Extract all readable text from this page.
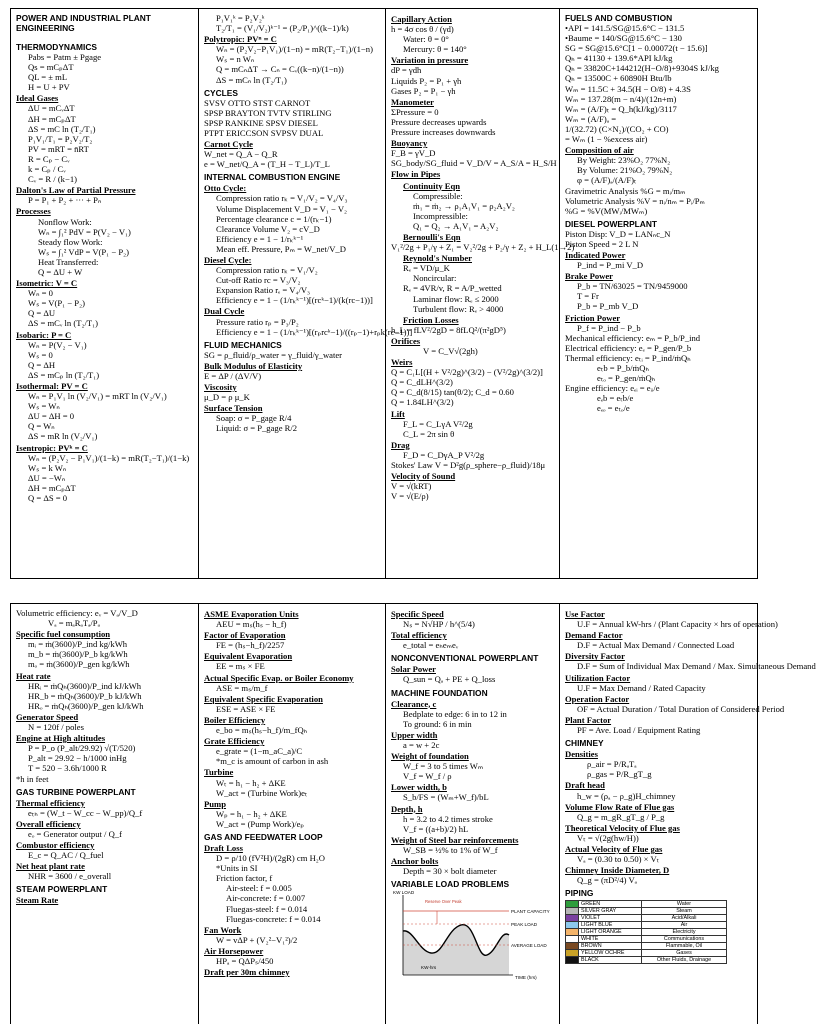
POWER AND INDUSTRIAL PLANT ENGINEERING
THERMODYNAMICS
Pabs = Patm ± Pgage
Qs = mCₚΔT
QL = ± mL
H = U + PV
Ideal Gases
ΔU = mCᵥΔT
ΔH = mCₚΔT
ΔS = mC ln (T₂/T₁)
P₁V₁/T₁ = P₂V₂/T₂
PV = mRT = n̄RT
R = Cₚ − Cᵥ
k = Cₚ / Cᵥ
Cᵥ = R / (k−1)
Dalton's Law of Partial Pressure
P = P₁ + P₂ + ··· + Pₙ
Processes
Nonflow Work:
Wₙ = ∫₁² PdV = P(V₂ − V₁)
Steady flow Work:
Wₛ = ∫₁² VdP = V(P₁ − P₂)
Heat Transferred:
Q = ΔU + W
Isometric: V = C
Wₙ = 0
Wₛ = V(P₁ − P₂)
Q = ΔU
ΔS = mCᵥ ln (T₂/T₁)
Isobaric: P = C
Wₙ = P(V₂ − V₁)
Wₛ = 0
Q = ΔH
ΔS = mCₚ ln (T₂/T₁)
Isothermal: PV = C
Wₙ = P₁V₁ ln (V₂/V₁) = mRT ln (V₂/V₁)
Wₛ = Wₙ
ΔU = ΔH = 0
Q = Wₙ
ΔS = mR ln (V₂/V₁)
Isentropic: PVᵏ = C
Wₙ = (P₂V₂ − P₁V₁)/(1−k) = mR(T₂−T₁)/(1−k)
Wₛ = k Wₙ
ΔU = −Wₙ
ΔH = mCₚΔT
Q = ΔS = 0
P₁V₁ᵏ = P₂V₂ᵏ
T₂/T₁ = (V₁/V₂)ᵏ⁻¹ = (P₂/P₁)^((k−1)/k)
Polytropic: PVⁿ = C
Wₙ = (P₂V₂−P₁V₁)/(1−n) = mR(T₂−T₁)/(1−n)
Wₛ = n Wₙ
Q = mCₙΔT → Cₙ = Cᵥ((k−n)/(1−n))
ΔS = mCₙ ln (T₂/T₁)
CYCLES
SVSV OTTO STST CARNOT
SPSP BRAYTON TVTV STIRLING
SPSP RANKINE SPSV DIESEL
PTPT ERICCSON SVPSV DUAL
Carnot Cycle
W_net = Q_A − Q_R
e = W_net/Q_A = (T_H − T_L)/T_L
INTERNAL COMBUSTION ENGINE
Otto Cycle:
Compression ratio rₖ = V₁/V₂ = V₄/V₃
Volume Displacement V_D = V₁ − V₂
Percentage clearance c = 1/(rₖ−1)
Clearance Volume V₂ = cV_D
Efficiency e = 1 − 1/rₖᵏ⁻¹
Mean eff. Pressure, Pₘ = W_net/V_D
Diesel Cycle:
Compression ratio rₖ = V₁/V₂
Cut-off Ratio rc = V₃/V₂
Expansion Ratio rₑ = V₄/V₃
Efficiency e = 1 − (1/rₖᵏ⁻¹)[(rcᵏ−1)/(k(rc−1))]
Dual Cycle
Pressure ratio rₚ = P₃/P₂
Efficiency e = 1 − (1/rₖᵏ⁻¹)[(rₚrcᵏ−1)/((rₚ−1)+rₚk(rc−1))]
FLUID MECHANICS
SG = ρ_fluid/ρ_water = γ_fluid/γ_water
Bulk Modulus of Elasticity
E = ΔP / (ΔV/V)
Viscosity
μ_D = ρ μ_K
Surface Tension
Soap: σ = P_gage R/4
Liquid: σ = P_gage R/2
Capillary Action
h = 4σ cos θ / (γd)
Water: θ = 0°
Mercury: θ = 140°
Variation in pressure
dP = γdh
Liquids P₂ = P₁ + γh
Gases P₂ = P₁ − γh
Manometer
ΣPressure = 0
Pressure decreases upwards
Pressure increases downwards
Buoyancy
F_B = γV_D
SG_body/SG_fluid = V_D/V = A_S/A = H_S/H
Flow in Pipes
Continuity Eqn
Compressible:
ṁ₁ = ṁ₂ → ρ₁A₁V₁ = ρ₂A₂V₂
Incompressible:
Q₁ = Q₂ → A₁V₁ = A₂V₂
Bernoulli's Eqn
V₁²/2g + P₁/γ + Z₁ = V₂²/2g + P₂/γ + Z₂ + H_L(1→2)
Reynold's Number
Rₑ = VD/μ_K
Noncircular:
Rₑ = 4VR/v, R = A/P_wetted
Laminar flow: Rₑ ≤ 2000
Turbulent flow: Rₑ > 4000
Friction Losses
h_L = fLV²/2gD = 8fLQ²/(π²gD⁵)
Orifices
V = C_V√(2gh)
Weirs
Q = C₁L[(H + V²/2g)^(3/2) − (V²/2g)^(3/2)]
Q = C_dLH^(3/2)
Q = C_d(8/15) tan(θ/2); C_d = 0.60
Q = 1.84LH^(3/2)
Lift
F_L = C_LγA V²/2g
C_L = 2π sin θ
Drag
F_D = C_DγA_P V²/2g
Stokes' Law V = D²g(ρ_sphere−ρ_fluid)/18μ
Velocity of Sound
V = √(kRT)
V = √(E/ρ)
FUELS AND COMBUSTION
•API = 141.5/SG@15.6°C − 131.5
•Baume = 140/SG@15.6°C − 130
SG = SG@15.6°C[1 − 0.00072(t − 15.6)]
Qₕ = 41130 + 139.6*API kJ/kg
Qₕ = 33820C+144212(H−O/8)+9304S kJ/kg
Qₕ = 13500C + 60890H Btu/lb
Wₘ = 11.5C + 34.5(H − O/8) + 4.3S
Wₘ = 137.28(m − n/4)/(12n+m)
Wₘ = (A/F)ₜ = Q_h(kJ/kg)/3117
Wₘ = (A/F)ₐ =
1/(32.72) (C×N₂)/(CO₂ + CO)
= Wₘ (1 − %excess air)
Composition of air
By Weight: 23%O₂ 77%N₂
By Volume: 21%O₂ 79%N₂
φ = (A/F)ₐ/(A/F)ₜ
Gravimetric Analysis %G = mᵢ/mₘ
Volumetric Analysis %V = nᵢ/nₘ = Pᵢ/Pₘ
%G = %V(MWᵢ/MWₘ)
DIESEL POWERPLANT
Piston Disp: V_D = LANₙc_N
Piston Speed = 2 L N
Indicated Power
P_ind = P_mi V_D
Brake Power
P_b = TN/63025 = TN/9459000
T = Fr
P_b = P_mb V_D
Friction Power
P_f = P_ind − P_b
Mechanical efficiency: eₘ = P_b/P_ind
Electrical efficiency: eₑ = P_gen/P_b
Thermal efficiency: eₜᵢ = P_ind/ṁQₕ
eₜb = P_b/ṁQₕ
eₜₒ = P_gen/ṁQₕ
Engine efficiency: eₑᵢ = eᵢᵢ/e
eₑb = eₜb/e
eₑₒ = eₜₒ/e
Volumetric efficiency: eᵥ = Vₐ/V_D
Vₐ = mₐRₐTₐ/Pₐ
Specific fuel consumption
mᵢ = ṁ(3600)/P_ind kg/kWh
m_b = ṁ(3600)/P_b kg/kWh
mₒ = ṁ(3600)/P_gen kg/kWh
Heat rate
HRᵢ = ṁQₕ(3600)/P_ind kJ/kWh
HR_b = ṁQₕ(3600)/P_b kJ/kWh
HRₒ = ṁQₕ(3600)/P_gen kJ/kWh
Generator Speed
N = 120f / poles
Engine at High altitudes
P = P_o (P_alt/29.92) √(T/520)
P_alt = 29.92 − h/1000 inHg
T = 520 − 3.6h/1000 R
*h in feet
GAS TURBINE POWERPLANT
Thermal efficiency
eₜₕ = (W_t − W_cc − W_pp)/Q_f
Overall efficiency
eₒ = Generator output / Q_f
Combustor efficiency
E_c = Q_AC / Q_fuel
Net heat plant rate
NHR = 3600 / e_overall
STEAM POWERPLANT
Steam Rate
ASME Evaporation Units
AEU = mₛ(hₛ − h_f)
Factor of Evaporation
FE = (hₛ−h_f)/2257
Equivalent Evaporation
EE = mₛ × FE
Actual Specific Evap. or Boiler Economy
ASE = mₛ/m_f
Equivalent Specific Evaporation
ESE = ASE × FE
Boiler Efficiency
e_bo = mₛ(hₛ−h_f)/m_fQₕ
Grate Efficiency
e_grate = (1−m_aC_a)/C
*m_c is amount of carbon in ash
Turbine
Wₜ = h₁ − h₂ + ΔKE
W_act = (Turbine Work)eₜ
Pump
Wₚ = h₁ − h₂ + ΔKE
W_act = (Pump Work)/eₚ
GAS AND FEEDWATER LOOP
Draft Loss
D = ρ/10 (fV²H)/(2gR) cm H₂O
*Units in SI
Friction factor, f
Air-steel: f = 0.005
Air-concrete: f = 0.007
Fluegas-steel: f = 0.014
Fluegas-concrete: f = 0.014
Fan Work
W = vΔP + (V₂²−V₁²)/2
Air Horsepower
HPₐ = QΔPₛ/450
Draft per 30m chimney
Specific Speed
Nₛ = N√HP / h^(5/4)
Total efficiency
e_total = eₕeₘeᵥ
NONCONVENTIONAL POWERPLANT
Solar Power
Q_sun = Qₐ + PE + Q_loss
MACHINE FOUNDATION
Clearance, c
Bedplate to edge: 6 in to 12 in
To ground: 6 in min
Upper width
a = w + 2c
Weight of foundation
W_f = 3 to 5 times Wₘ
V_f = W_f / ρ
Lower width, b
S_b/FS = (Wₘ+W_f)/bL
Depth, h
h = 3.2 to 4.2 times stroke
V_f = ((a+b)/2) hL
Weight of Steel bar reinforcements
W_SB = ½% to 1% of W_f
Anchor bolts
Depth = 30 × bolt diameter
VARIABLE LOAD PROBLEMS
KW LOAD
Reserve Over Peak
PLANT CAPACITY
PEAK LOAD
AVERAGE LOAD
KW-hrs
TIME (hrs)
Use Factor
U.F = Annual kW-hrs / (Plant Capacity × hrs of operation)
Demand Factor
D.F = Actual Max Demand / Connected Load
Diversity Factor
D.F = Sum of Individual Max Demand / Max. Simultaneous Demand
Utilization Factor
U.F = Max Demand / Rated Capacity
Operation Factor
OF = Actual Duration / Total Duration of Considered Period
Plant Factor
PF = Ave. Load / Equipment Rating
CHIMNEY
Densities
ρ_air = P/RₐTₐ
ρ_gas = P/R_gT_g
Draft head
h_w = (ρₐ − ρ_g)H_chimney
Volume Flow Rate of Flue gas
Q_g = m_gR_gT_g / P_g
Theoretical Velocity of Flue gas
Vₜ = √(2g(hw/H))
Actual Velocity of Flue gas
Vₐ = (0.30 to 0.50) × Vₜ
Chimney Inside Diameter, D
Q_g = (πD²/4) Vₐ
PIPING
	GREEN	Water
	SILVER GRAY	Steam
	VIOLET	Acid/Alkali
	LIGHT BLUE	Air
	LIGHT ORANGE	Electricity
	WHITE	Communications
	BROWN	Flammable, Oil
	YELLOW OCHRE	Gases
	BLACK	Other Fluids, Drainage
